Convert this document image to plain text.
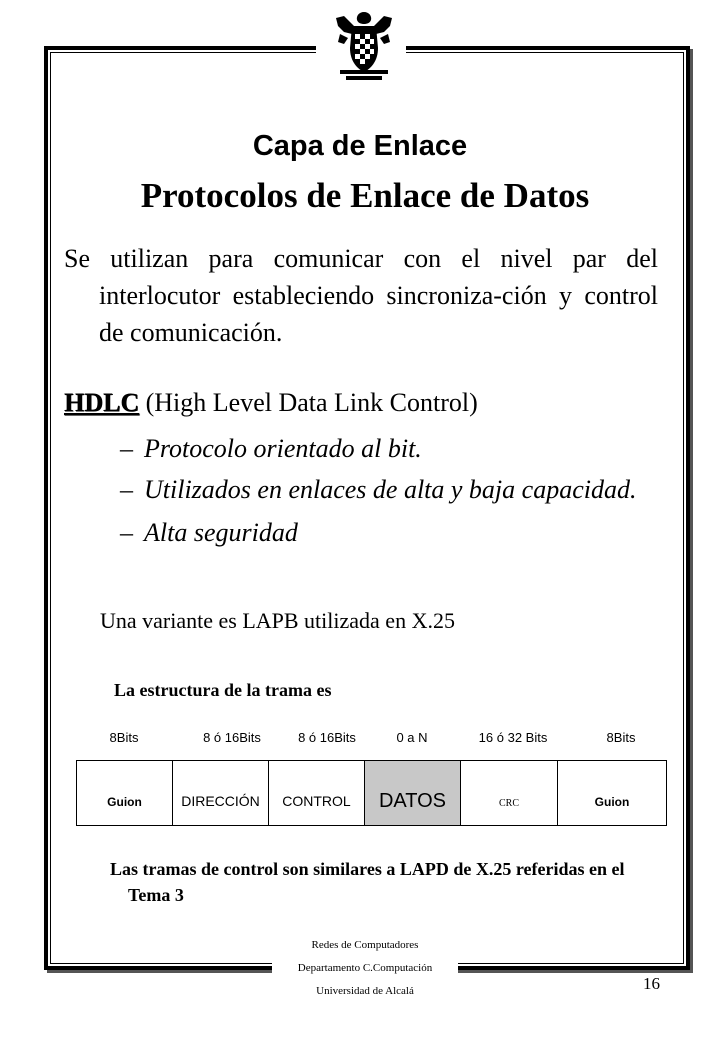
Capa de Enlace
Protocolos de Enlace de Datos
Se utilizan para comunicar con el nivel par del interlocutor estableciendo sincroniza-ción y control de comunicación.
HDLC (High Level Data Link Control)
– Protocolo orientado al bit.
– Utilizados en enlaces de alta y baja capacidad.
– Alta seguridad
Una variante es LAPB utilizada en X.25
La estructura de la trama es
8Bits	8 ó 16Bits	8 ó 16Bits	0 a N	16 ó 32 Bits	8Bits
Guion	DIRECCIÓN	CONTROL	DATOS	CRC	Guion
Las tramas de control son similares a LAPD de X.25 referidas en el Tema 3
Redes de Computadores
Departamento C.Computación
Universidad de Alcalá	16
